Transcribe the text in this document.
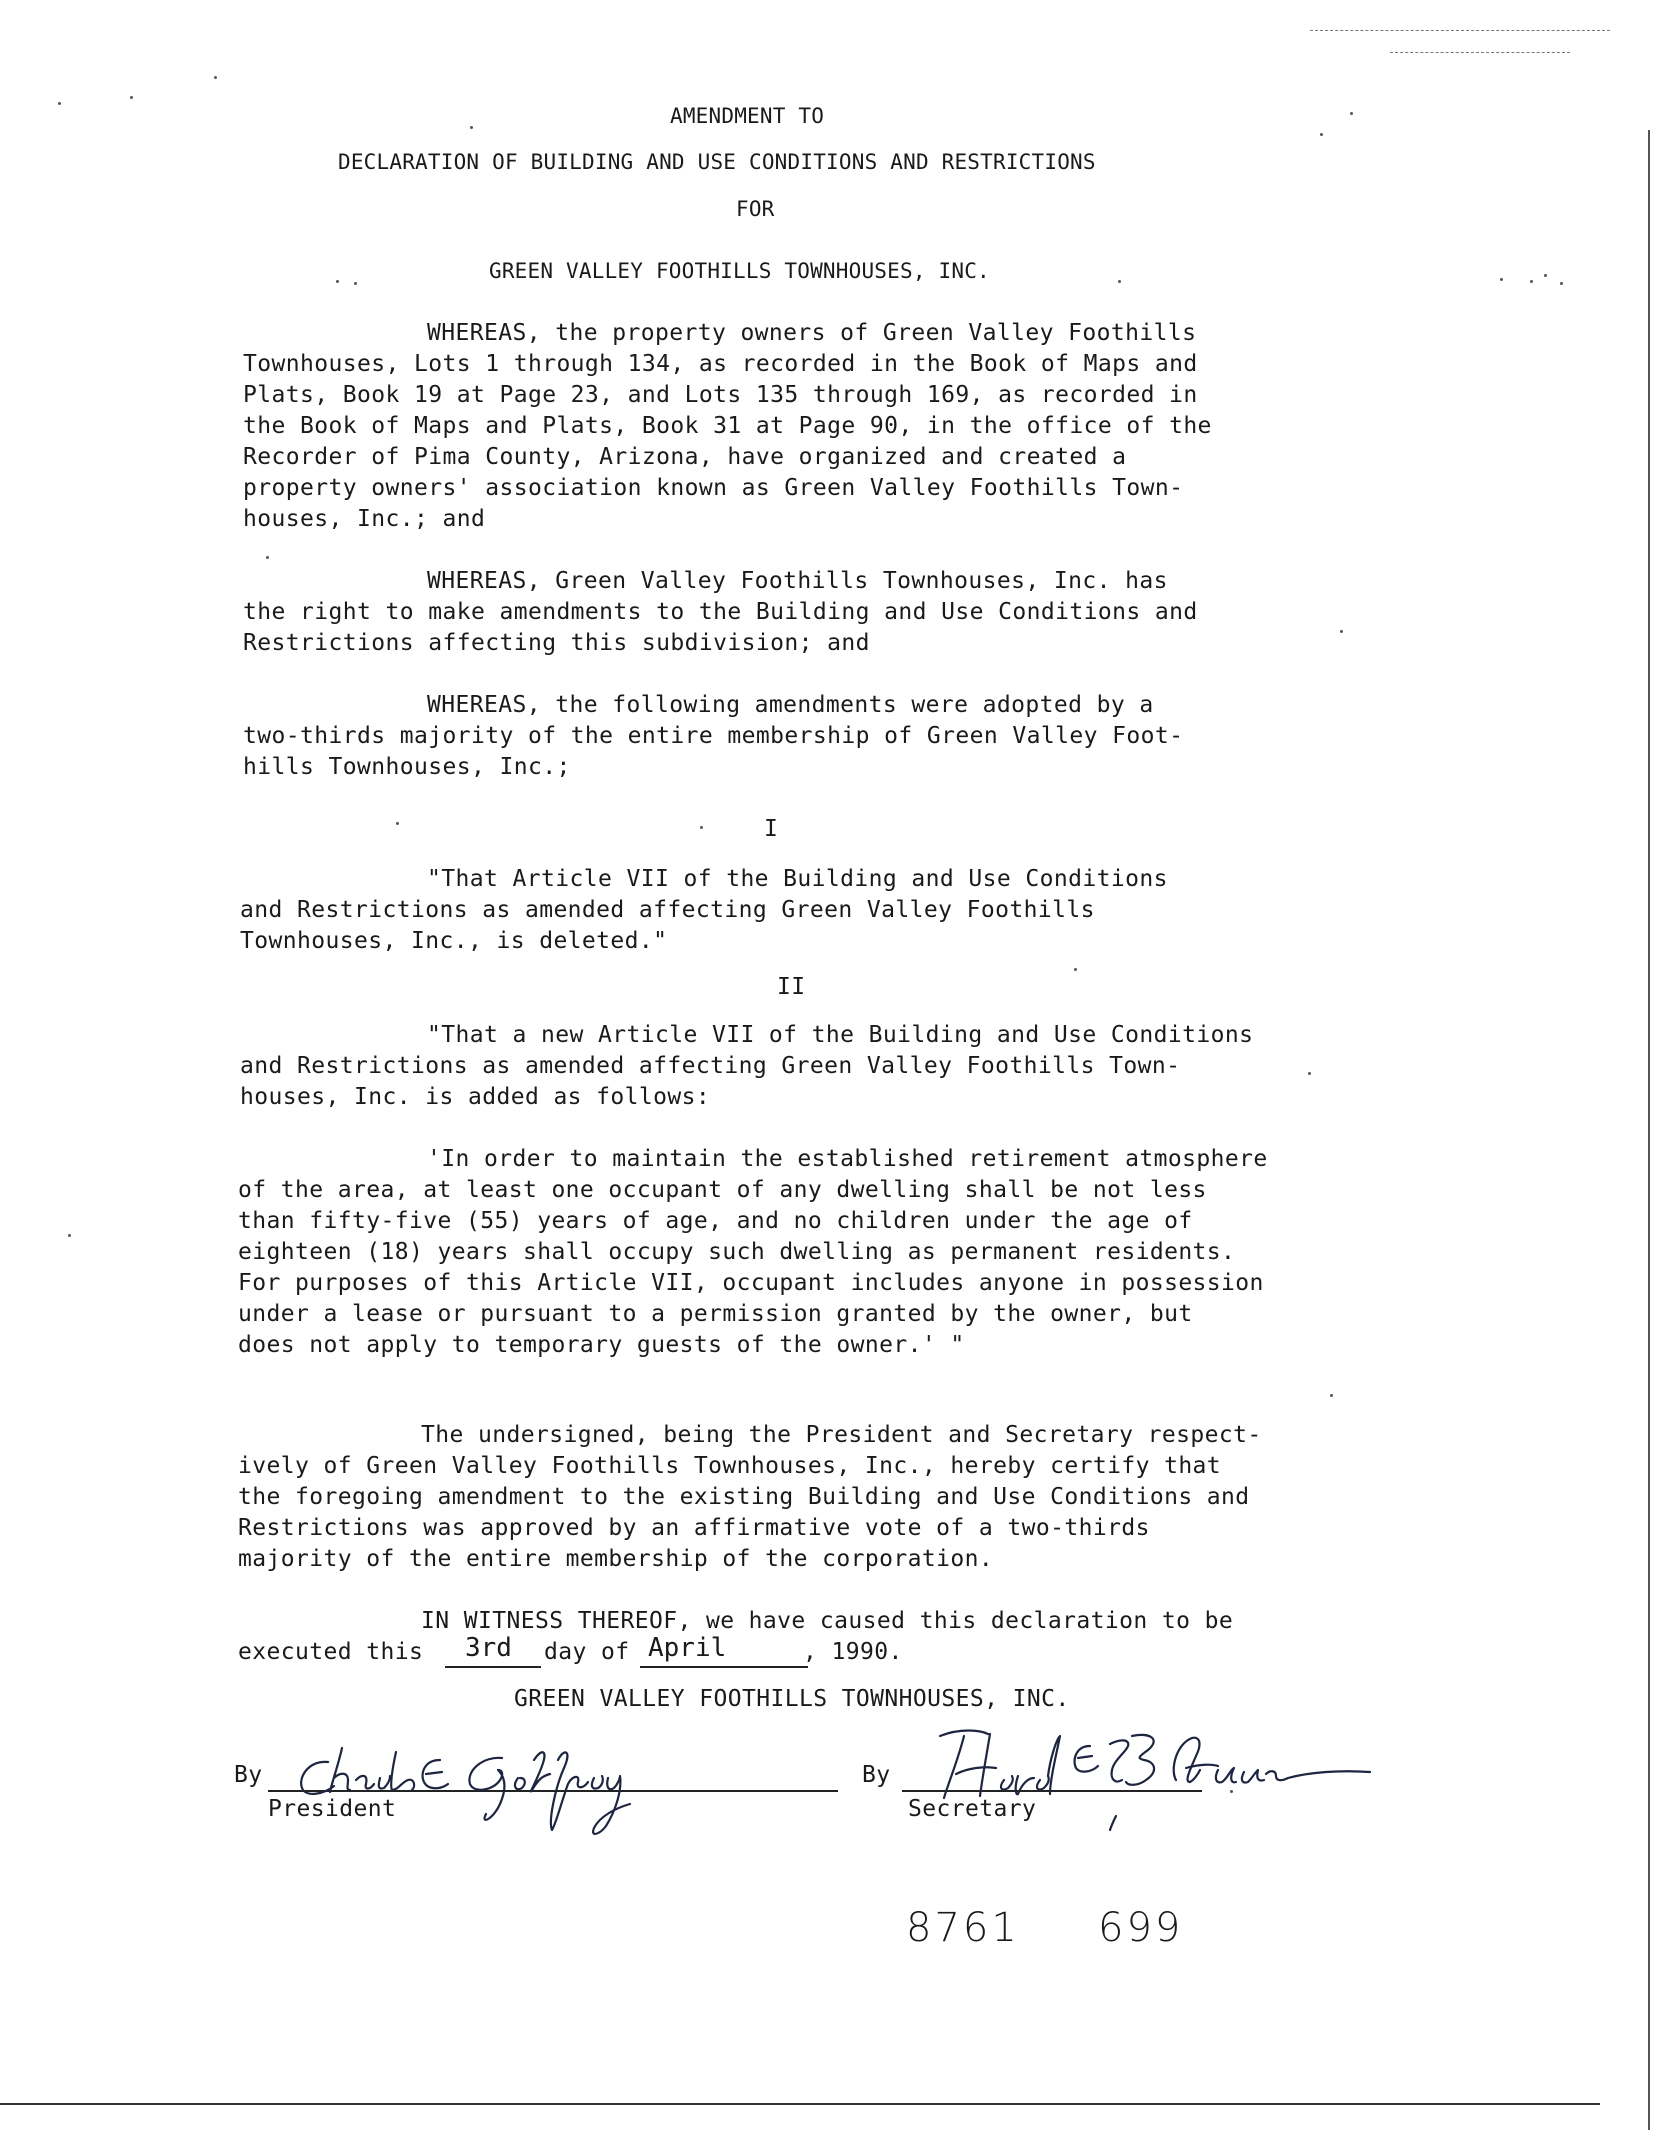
AMENDMENT TO
DECLARATION OF BUILDING AND USE CONDITIONS AND RESTRICTIONS
FOR
GREEN VALLEY FOOTHILLS TOWNHOUSES, INC.
WHEREAS, the property owners of Green Valley Foothills
Townhouses, Lots 1 through 134, as recorded in the Book of Maps and
Plats, Book 19 at Page 23, and Lots 135 through 169, as recorded in
the Book of Maps and Plats, Book 31 at Page 90, in the office of the
Recorder of Pima County, Arizona, have organized and created a
property owners' association known as Green Valley Foothills Town-
houses, Inc.; and
WHEREAS, Green Valley Foothills Townhouses, Inc. has
the right to make amendments to the Building and Use Conditions and
Restrictions affecting this subdivision; and
WHEREAS, the following amendments were adopted by a
two-thirds majority of the entire membership of Green Valley Foot-
hills Townhouses, Inc.;
I
"That Article VII of the Building and Use Conditions
and Restrictions as amended affecting Green Valley Foothills
Townhouses, Inc., is deleted."
II
"That a new Article VII of the Building and Use Conditions
and Restrictions as amended affecting Green Valley Foothills Town-
houses, Inc. is added as follows:
'In order to maintain the established retirement atmosphere
of the area, at least one occupant of any dwelling shall be not less
than fifty-five (55) years of age, and no children under the age of
eighteen (18) years shall occupy such dwelling as permanent residents.
For purposes of this Article VII, occupant includes anyone in possession
under a lease or pursuant to a permission granted by the owner, but
does not apply to temporary guests of the owner.' "
The undersigned, being the President and Secretary respect-
ively of Green Valley Foothills Townhouses, Inc., hereby certify that
the foregoing amendment to the existing Building and Use Conditions and
Restrictions was approved by an affirmative vote of a two-thirds
majority of the entire membership of the corporation.
IN WITNESS THEREOF, we have caused this declaration to be
executed this 3rd day of April	, 1990.
GREEN VALLEY FOOTHILLS TOWNHOUSES, INC.
By
President
By
Secretary
8761 699
